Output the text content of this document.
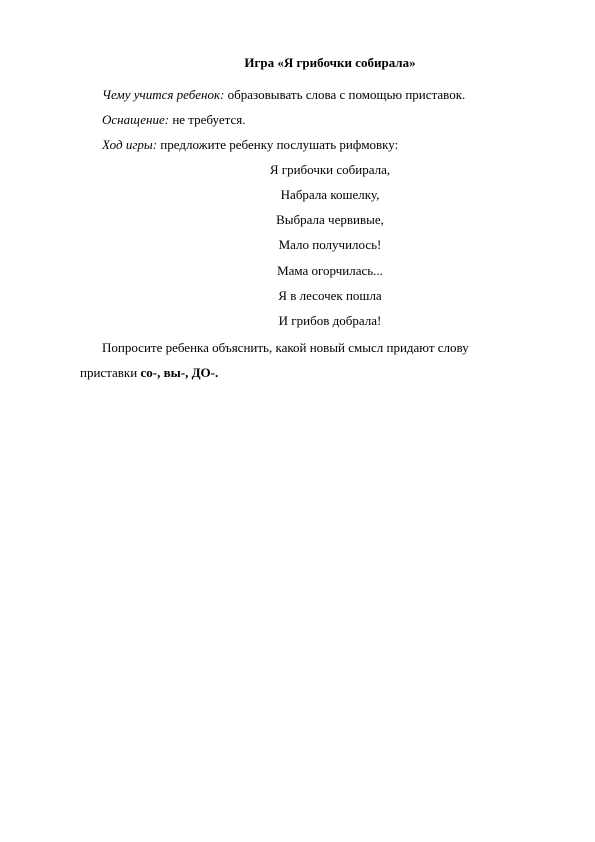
Игра «Я грибочки собирала»
Чему учится ребенок: образовывать слова с помощью приставок.
Оснащение: не требуется.
Ход игры: предложите ребенку послушать рифмовку:
Я грибочки собирала,
Набрала кошелку,
Выбрала червивые,
Мало получилось!
Мама огорчилась...
Я в лесочек пошла
И грибов добрала!
Попросите ребенка объяснить, какой новый смысл придают слову
приставки со-, вы-, ДО-.
